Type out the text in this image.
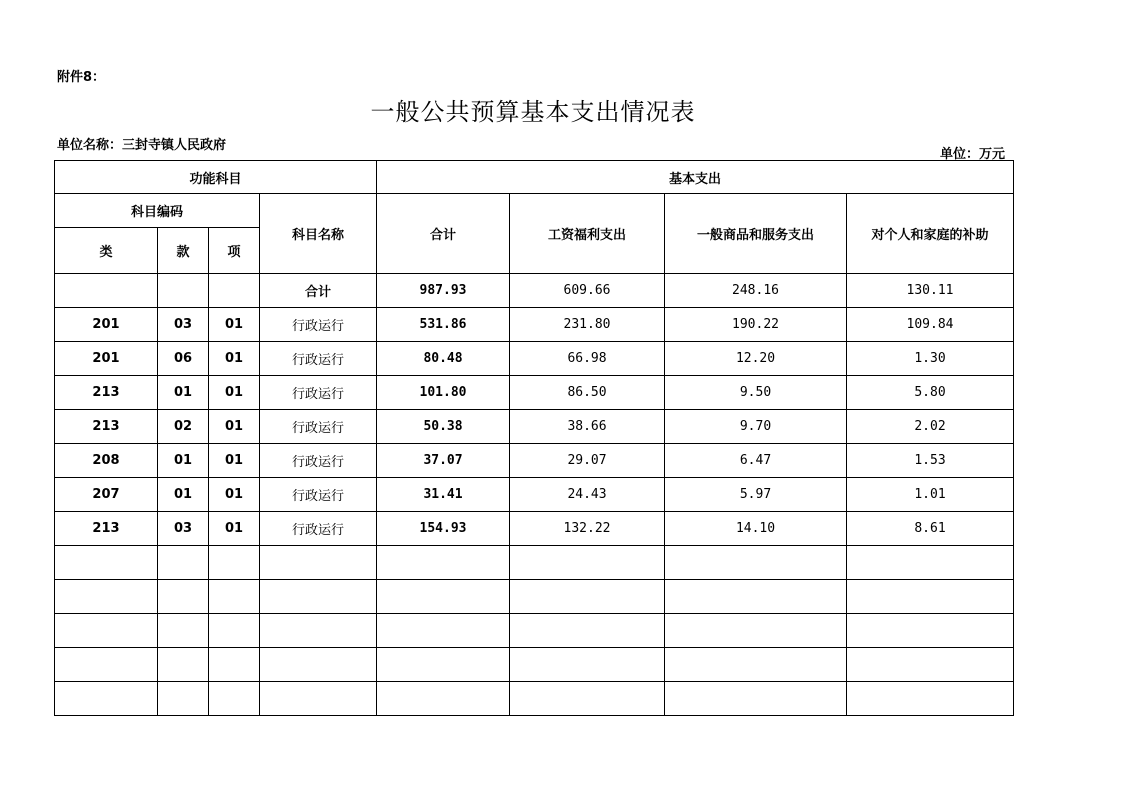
附件8：
一般公共预算基本支出情况表
单位名称：三封寺镇人民政府
单位：万元
功能科目				基本支出			
科目编码			科目名称	合计	工资福利支出	一般商品和服务支出	对个人和家庭的补助
类	款	项					
			合计	987.93	609.66	248.16	130.11
201	03	01	行政运行	531.86	231.80	190.22	109.84
201	06	01	行政运行	80.48	66.98	12.20	1.30
213	01	01	行政运行	101.80	86.50	9.50	5.80
213	02	01	行政运行	50.38	38.66	9.70	2.02
208	01	01	行政运行	37.07	29.07	6.47	1.53
207	01	01	行政运行	31.41	24.43	5.97	1.01
213	03	01	行政运行	154.93	132.22	14.10	8.61
